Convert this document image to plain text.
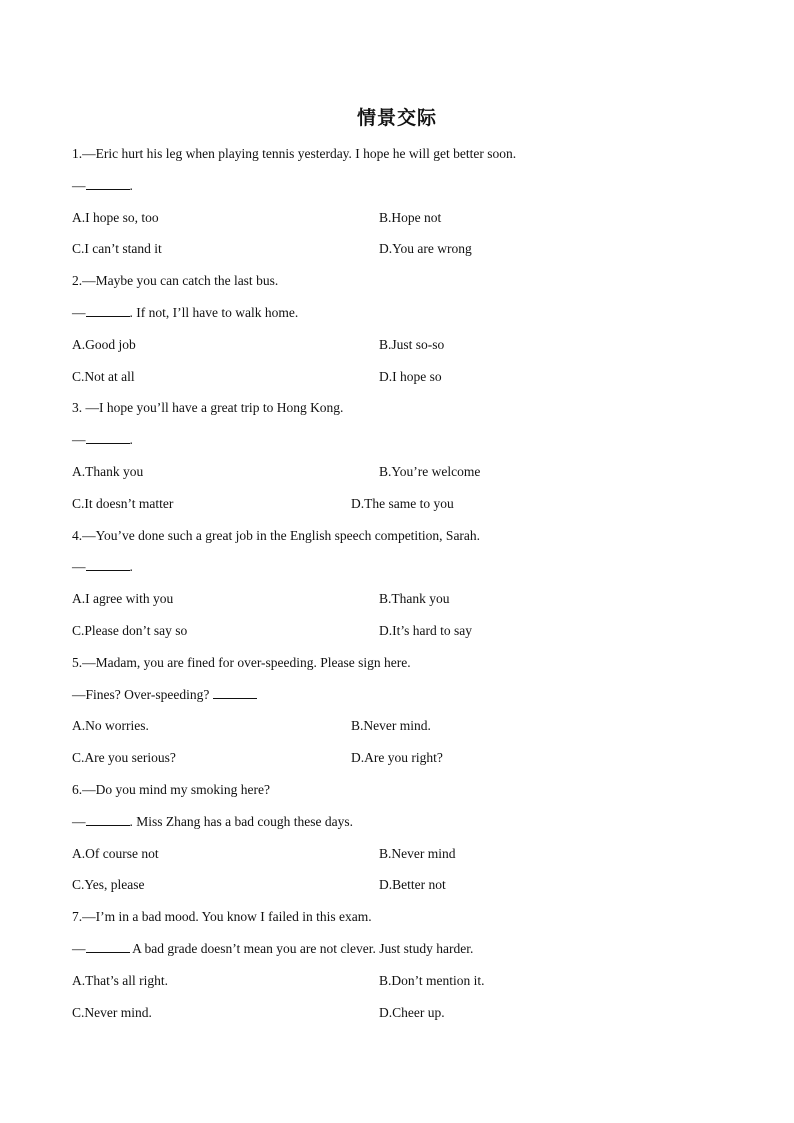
情景交际
1.—Eric hurt his leg when playing tennis yesterday. I hope he will get better soon.
—	.
A.I hope so, too	B.Hope not
C.I can’t stand it	D.You are wrong
2.—Maybe you can catch the last bus.
—	. If not, I’ll have to walk home.
A.Good job	B.Just so-so
C.Not at all	D.I hope so
3. —I hope you’ll have a great trip to Hong Kong.
—	.
A.Thank you	B.You’re welcome
C.It doesn’t matter	D.The same to you
4.—You’ve done such a great job in the English speech competition, Sarah.
—	.
A.I agree with you	B.Thank you
C.Please don’t say so	D.It’s hard to say
5.—Madam, you are fined for over-speeding. Please sign here.
—Fines? Over-speeding?
A.No worries.	B.Never mind.
C.Are you serious?	D.Are you right?
6.—Do you mind my smoking here?
—	. Miss Zhang has a bad cough these days.
A.Of course not	B.Never mind
C.Yes, please	D.Better not
7.—I’m in a bad mood. You know I failed in this exam.
—	A bad grade doesn’t mean you are not clever. Just study harder.
A.That’s all right.	B.Don’t mention it.
C.Never mind.	D.Cheer up.
